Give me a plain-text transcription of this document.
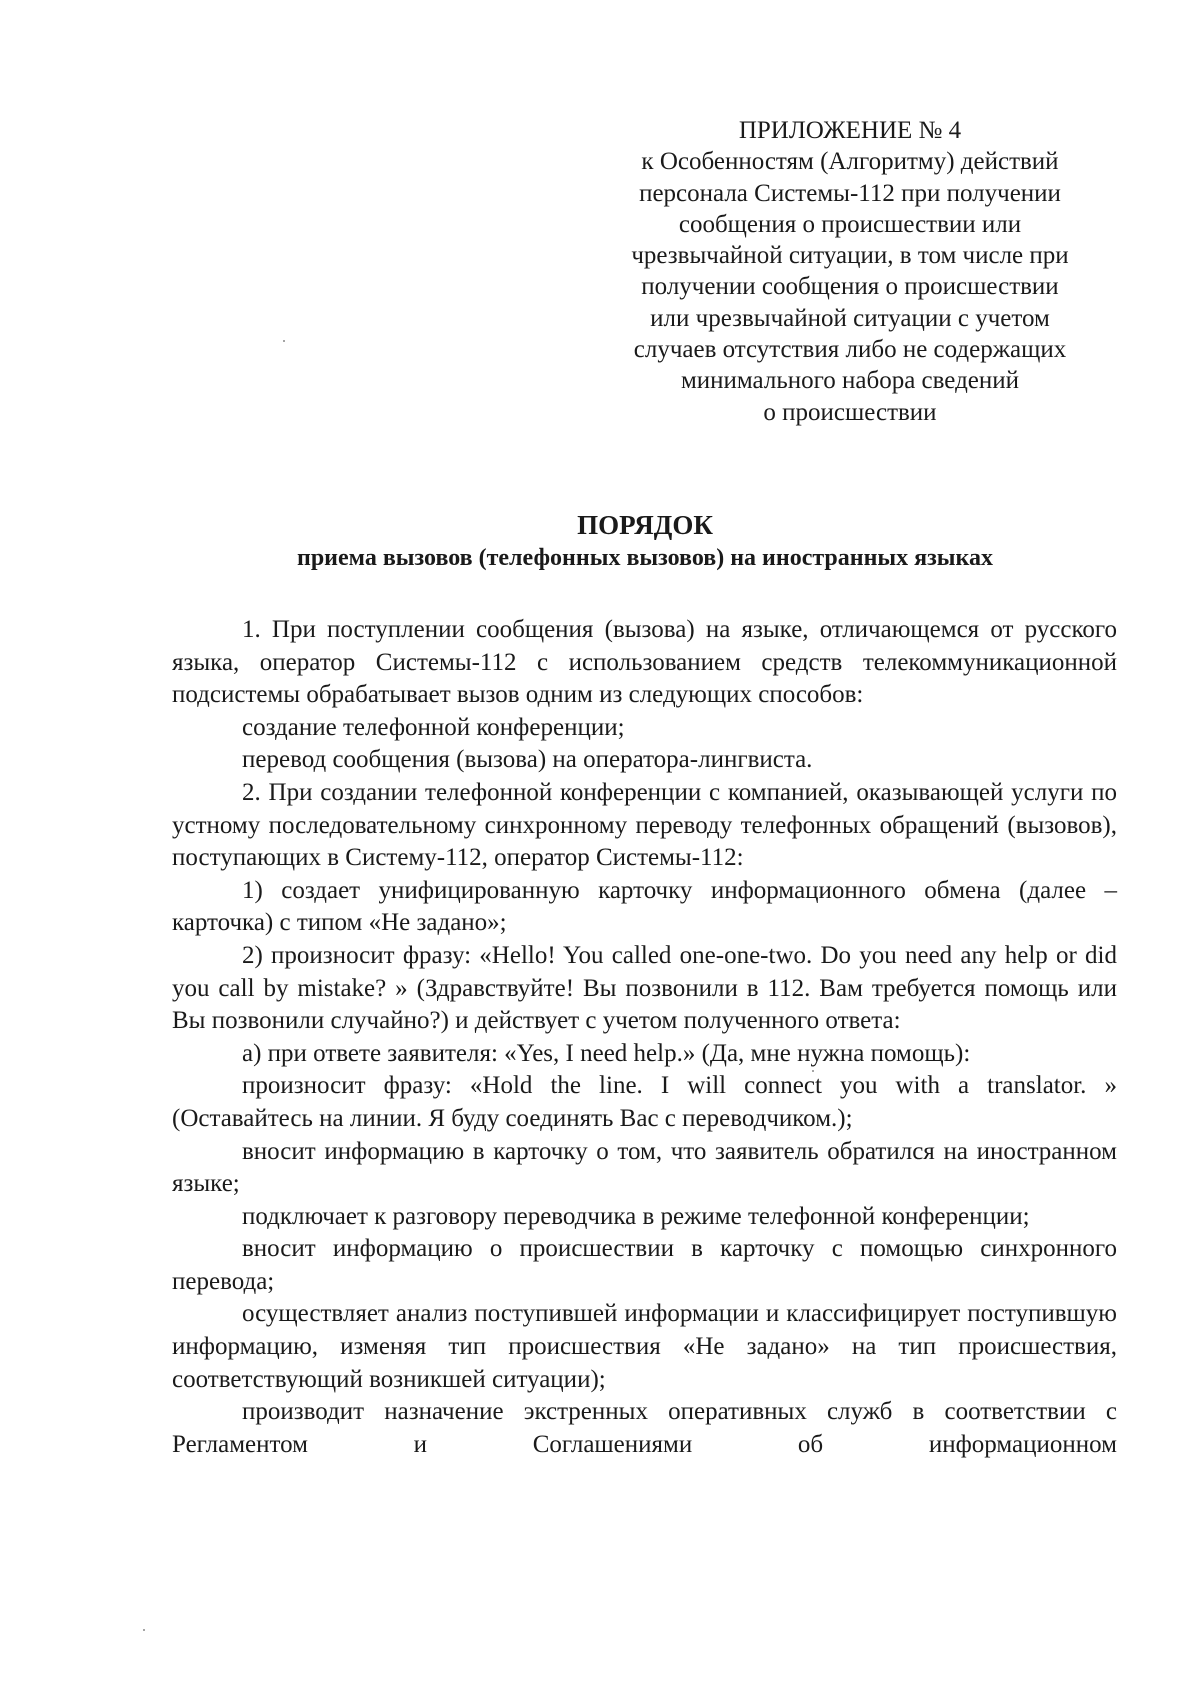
ПРИЛОЖЕНИЕ № 4
к Особенностям (Алгоритму) действий
персонала Системы-112 при получении
сообщения о происшествии или
чрезвычайной ситуации, в том числе при
получении сообщения о происшествии
или чрезвычайной ситуации с учетом
случаев отсутствия либо не содержащих
минимального набора сведений
о происшествии
ПОРЯДОК
приема вызовов (телефонных вызовов) на иностранных языках

1. При поступлении сообщения (вызова) на языке, отличающемся от русского языка, оператор Системы-112 с использованием средств телекоммуникационной подсистемы обрабатывает вызов одним из следующих способов:

создание телефонной конференции;

перевод сообщения (вызова) на оператора-лингвиста.

2. При создании телефонной конференции с компанией, оказывающей услуги по устному последовательному синхронному переводу телефонных обращений (вызовов), поступающих в Систему-112, оператор Системы-112:

1) создает унифицированную карточку информационного обмена (далее – карточка) с типом «Не задано»;

2) произносит фразу: «Hello! You called one-one-two. Do you need any help or did you call by mistake? » (Здравствуйте! Вы позвонили в 112. Вам требуется помощь или Вы позвонили случайно?) и действует с учетом полученного ответа:

а) при ответе заявителя: «Yes, I need help.» (Да, мне нужна помощь):

произносит фразу: «Hold the line. I will connect you with a translator. » (Оставайтесь на линии. Я буду соединять Вас с переводчиком.);

вносит информацию в карточку о том, что заявитель обратился на иностранном языке;

подключает к разговору переводчика в режиме телефонной конференции;

вносит информацию о происшествии в карточку с помощью синхронного перевода;

осуществляет анализ поступившей информации и классифицирует поступившую информацию, изменяя тип происшествия «Не задано» на тип происшествия, соответствующий возникшей ситуации);

производит назначение экстренных оперативных служб в соответствии с Регламентом и Соглашениями об информационном
